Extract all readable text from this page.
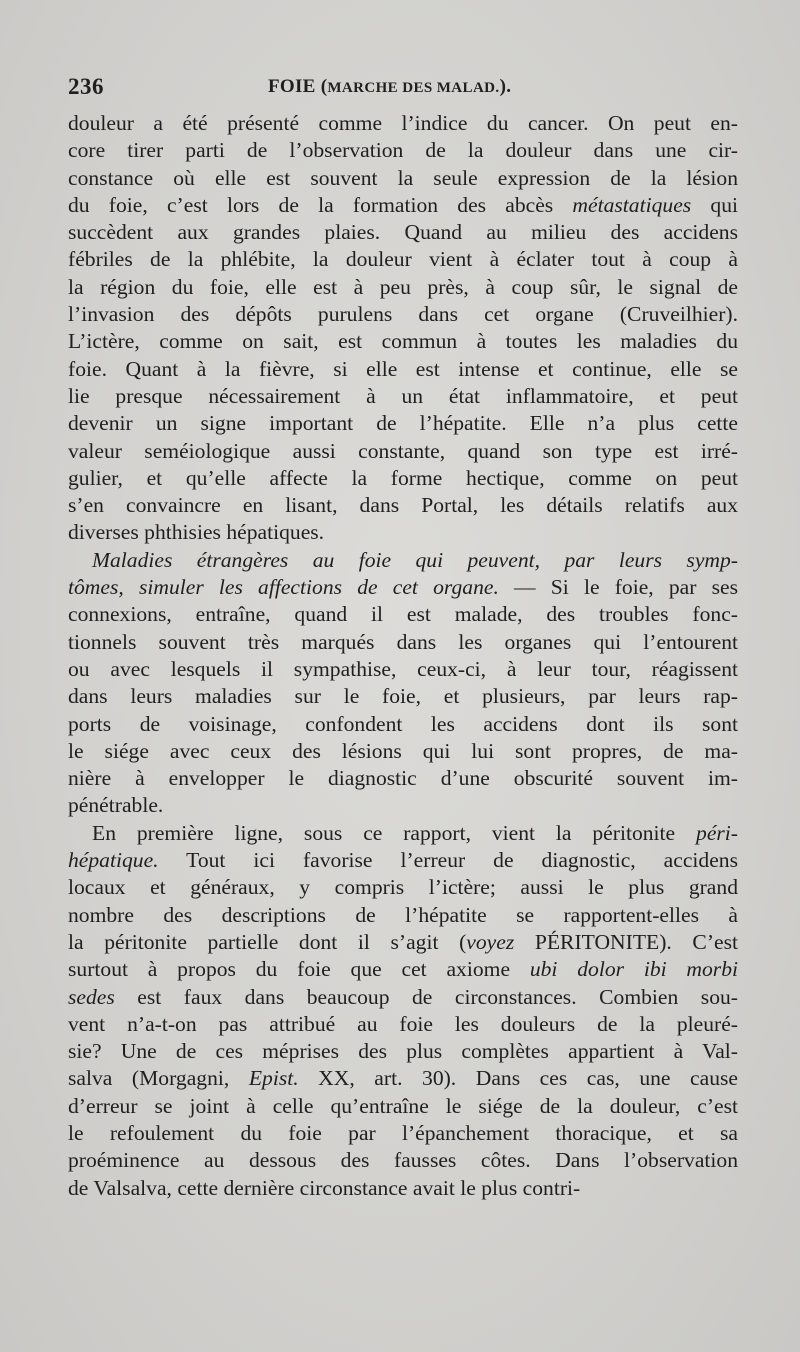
236	FOIE (MARCHE DES MALAD.).
douleur a été présenté comme l’indice du cancer. On peut en-
core tirer parti de l’observation de la douleur dans une cir-
constance où elle est souvent la seule expression de la lésion
du foie, c’est lors de la formation des abcès métastatiques qui
succèdent aux grandes plaies. Quand au milieu des accidens
fébriles de la phlébite, la douleur vient à éclater tout à coup à
la région du foie, elle est à peu près, à coup sûr, le signal de
l’invasion des dépôts purulens dans cet organe (Cruveilhier).
L’ictère, comme on sait, est commun à toutes les maladies du
foie. Quant à la fièvre, si elle est intense et continue, elle se
lie presque nécessairement à un état inflammatoire, et peut
devenir un signe important de l’hépatite. Elle n’a plus cette
valeur seméiologique aussi constante, quand son type est irré-
gulier, et qu’elle affecte la forme hectique, comme on peut
s’en convaincre en lisant, dans Portal, les détails relatifs aux
diverses phthisies hépatiques.
Maladies étrangères au foie qui peuvent, par leurs symp-
tômes, simuler les affections de cet organe. — Si le foie, par ses
connexions, entraîne, quand il est malade, des troubles fonc-
tionnels souvent très marqués dans les organes qui l’entourent
ou avec lesquels il sympathise, ceux-ci, à leur tour, réagissent
dans leurs maladies sur le foie, et plusieurs, par leurs rap-
ports de voisinage, confondent les accidens dont ils sont
le siége avec ceux des lésions qui lui sont propres, de ma-
nière à envelopper le diagnostic d’une obscurité souvent im-
pénétrable.
En première ligne, sous ce rapport, vient la péritonite péri-
hépatique. Tout ici favorise l’erreur de diagnostic, accidens
locaux et généraux, y compris l’ictère; aussi le plus grand
nombre des descriptions de l’hépatite se rapportent-elles à
la péritonite partielle dont il s’agit (voyez PÉRITONITE). C’est
surtout à propos du foie que cet axiome ubi dolor ibi morbi
sedes est faux dans beaucoup de circonstances. Combien sou-
vent n’a-t-on pas attribué au foie les douleurs de la pleuré-
sie? Une de ces méprises des plus complètes appartient à Val-
salva (Morgagni, Epist. XX, art. 30). Dans ces cas, une cause
d’erreur se joint à celle qu’entraîne le siége de la douleur, c’est
le refoulement du foie par l’épanchement thoracique, et sa
proéminence au dessous des fausses côtes. Dans l’observation
de Valsalva, cette dernière circonstance avait le plus contri-
